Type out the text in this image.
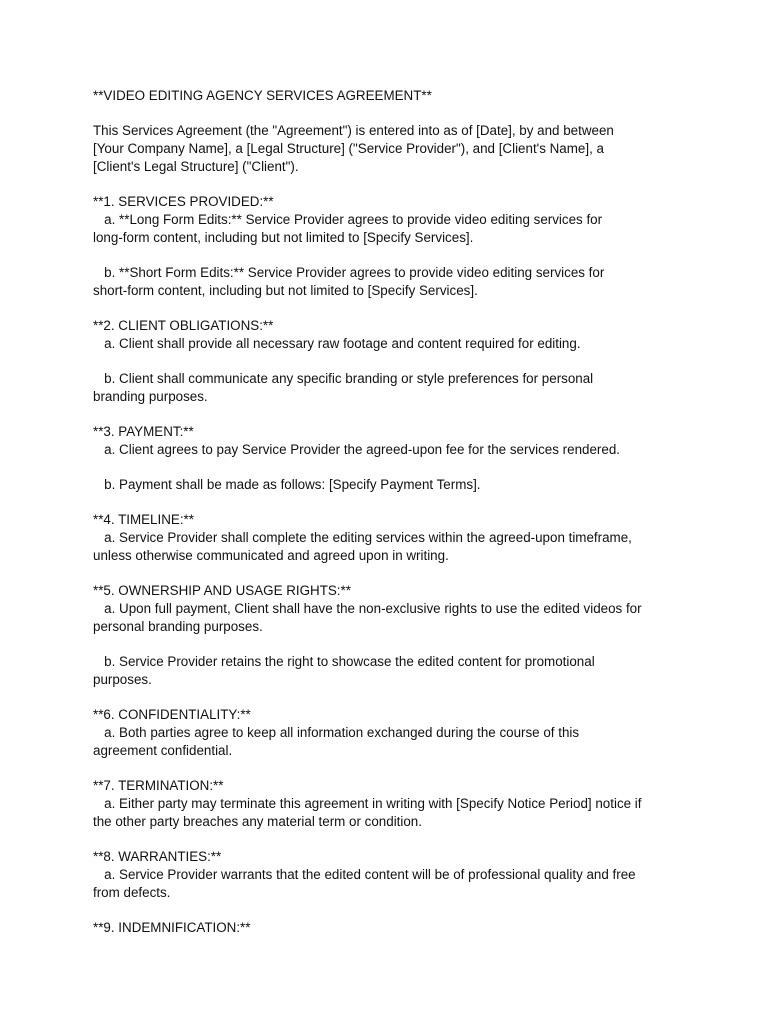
**VIDEO EDITING AGENCY SERVICES AGREEMENT**

This Services Agreement (the "Agreement") is entered into as of [Date], by and between

[Your Company Name], a [Legal Structure] ("Service Provider"), and [Client's Name], a

[Client's Legal Structure] ("Client").

**1. SERVICES PROVIDED:**

a. **Long Form Edits:** Service Provider agrees to provide video editing services for

long-form content, including but not limited to [Specify Services].

b. **Short Form Edits:** Service Provider agrees to provide video editing services for

short-form content, including but not limited to [Specify Services].

**2. CLIENT OBLIGATIONS:**

a. Client shall provide all necessary raw footage and content required for editing.

b. Client shall communicate any specific branding or style preferences for personal

branding purposes.

**3. PAYMENT:**

a. Client agrees to pay Service Provider the agreed-upon fee for the services rendered.

b. Payment shall be made as follows: [Specify Payment Terms].

**4. TIMELINE:**

a. Service Provider shall complete the editing services within the agreed-upon timeframe,

unless otherwise communicated and agreed upon in writing.

**5. OWNERSHIP AND USAGE RIGHTS:**

a. Upon full payment, Client shall have the non-exclusive rights to use the edited videos for

personal branding purposes.

b. Service Provider retains the right to showcase the edited content for promotional

purposes.

**6. CONFIDENTIALITY:**

a. Both parties agree to keep all information exchanged during the course of this

agreement confidential.

**7. TERMINATION:**

a. Either party may terminate this agreement in writing with [Specify Notice Period] notice if

the other party breaches any material term or condition.

**8. WARRANTIES:**

a. Service Provider warrants that the edited content will be of professional quality and free

from defects.

**9. INDEMNIFICATION:**
